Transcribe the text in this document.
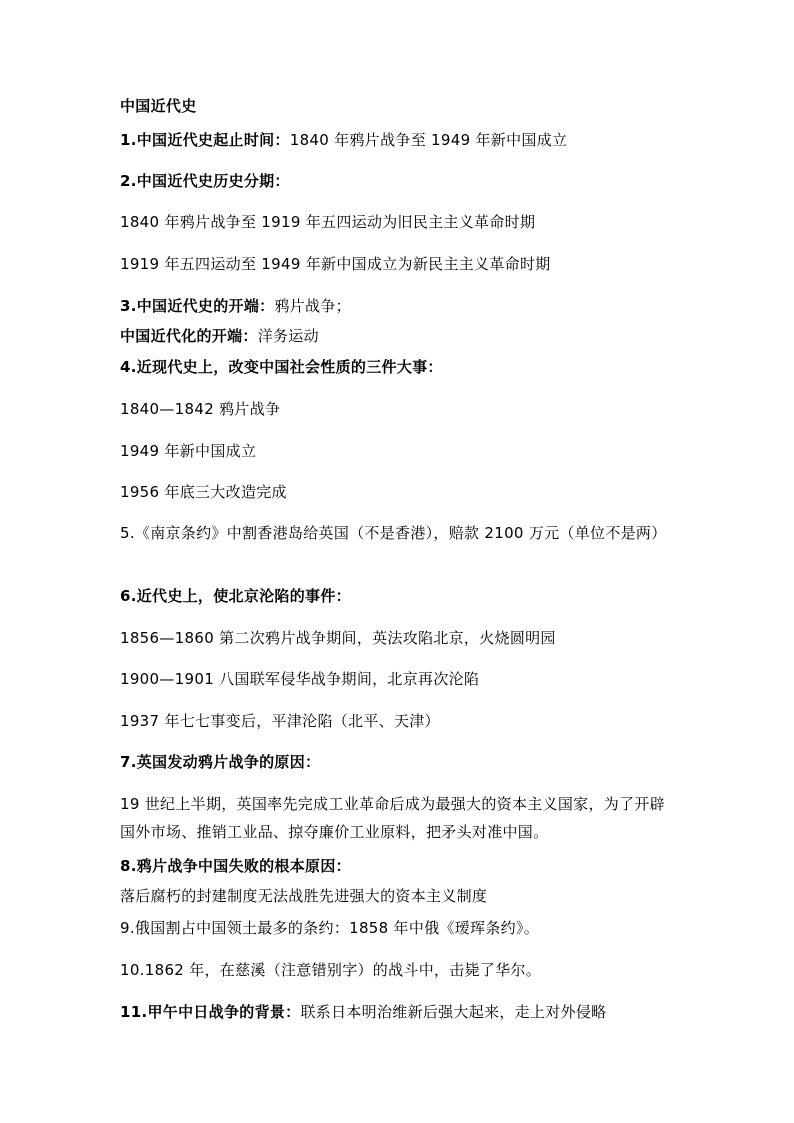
中国近代史
1.中国近代史起止时间：1840 年鸦片战争至 1949 年新中国成立
2.中国近代史历史分期：
1840 年鸦片战争至 1919 年五四运动为旧民主主义革命时期
1919 年五四运动至 1949 年新中国成立为新民主主义革命时期
3.中国近代史的开端：鸦片战争；
中国近代化的开端：洋务运动
4.近现代史上，改变中国社会性质的三件大事：
1840—1842 鸦片战争
1949 年新中国成立
1956 年底三大改造完成
5.《南京条约》中割香港岛给英国（不是香港），赔款 2100 万元（单位不是两）
6.近代史上，使北京沦陷的事件：
1856—1860 第二次鸦片战争期间，英法攻陷北京，火烧圆明园
1900—1901 八国联军侵华战争期间，北京再次沦陷
1937 年七七事变后，平津沦陷（北平、天津）
7.英国发动鸦片战争的原因：
19 世纪上半期，英国率先完成工业革命后成为最强大的资本主义国家，为了开辟国外市场、推销工业品、掠夺廉价工业原料，把矛头对准中国。
8.鸦片战争中国失败的根本原因：
落后腐朽的封建制度无法战胜先进强大的资本主义制度
9.俄国割占中国领土最多的条约：1858 年中俄《瑷珲条约》。
10.1862 年，在慈溪（注意错别字）的战斗中，击毙了华尔。
11.甲午中日战争的背景：联系日本明治维新后强大起来，走上对外侵略
